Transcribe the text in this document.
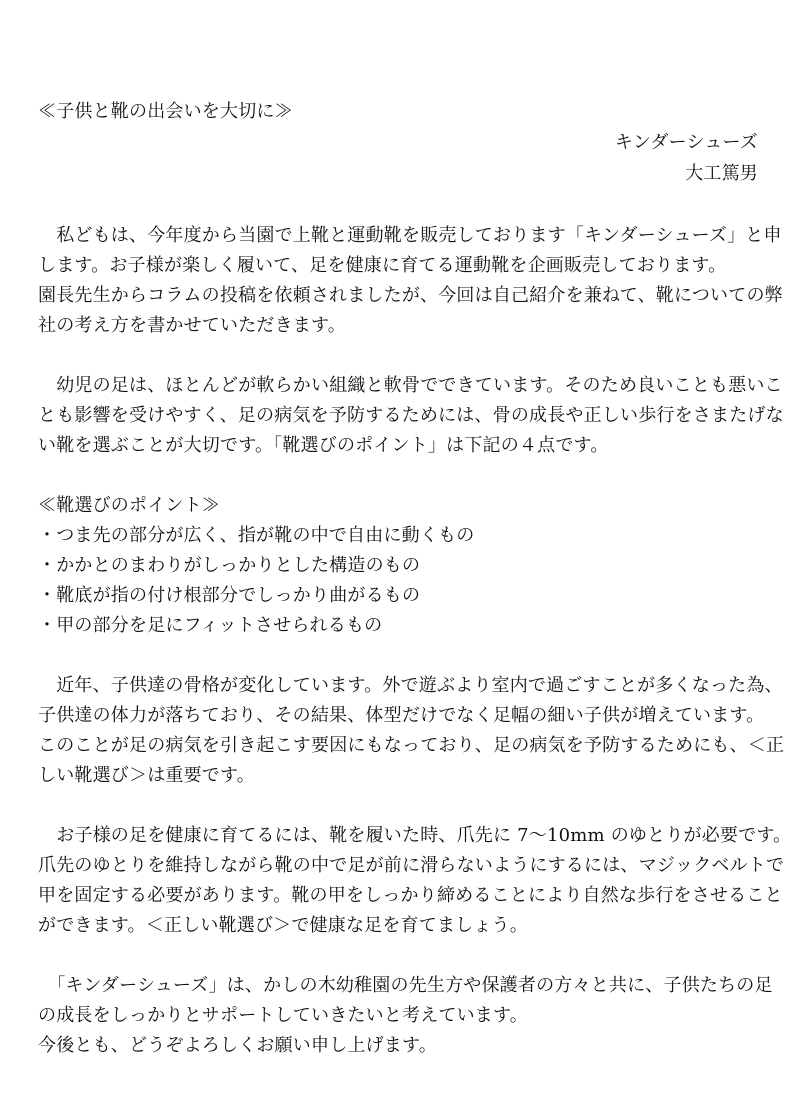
≪子供と靴の出会いを大切に≫
キンダーシューズ
大工篤男
　私どもは、今年度から当園で上靴と運動靴を販売しております「キンダーシューズ」と申
します。お子様が楽しく履いて、足を健康に育てる運動靴を企画販売しております。
園長先生からコラムの投稿を依頼されましたが、今回は自己紹介を兼ねて、靴についての弊
社の考え方を書かせていただきます。
　幼児の足は、ほとんどが軟らかい組織と軟骨でできています。そのため良いことも悪いこ
とも影響を受けやすく、足の病気を予防するためには、骨の成長や正しい歩行をさまたげな
い靴を選ぶことが大切です。「靴選びのポイント」は下記の４点です。
≪靴選びのポイント≫
・つま先の部分が広く、指が靴の中で自由に動くもの
・かかとのまわりがしっかりとした構造のもの
・靴底が指の付け根部分でしっかり曲がるもの
・甲の部分を足にフィットさせられるもの
　近年、子供達の骨格が変化しています。外で遊ぶより室内で過ごすことが多くなった為、
子供達の体力が落ちており、その結果、体型だけでなく足幅の細い子供が増えています。
このことが足の病気を引き起こす要因にもなっており、足の病気を予防するためにも、＜正
しい靴選び＞は重要です。
　お子様の足を健康に育てるには、靴を履いた時、爪先に 7～10mm のゆとりが必要です。
爪先のゆとりを維持しながら靴の中で足が前に滑らないようにするには、マジックベルトで
甲を固定する必要があります。靴の甲をしっかり締めることにより自然な歩行をさせること
ができます。＜正しい靴選び＞で健康な足を育てましょう。
　「キンダーシューズ」は、かしの木幼稚園の先生方や保護者の方々と共に、子供たちの足
の成長をしっかりとサポートしていきたいと考えています。
今後とも、どうぞよろしくお願い申し上げます。
